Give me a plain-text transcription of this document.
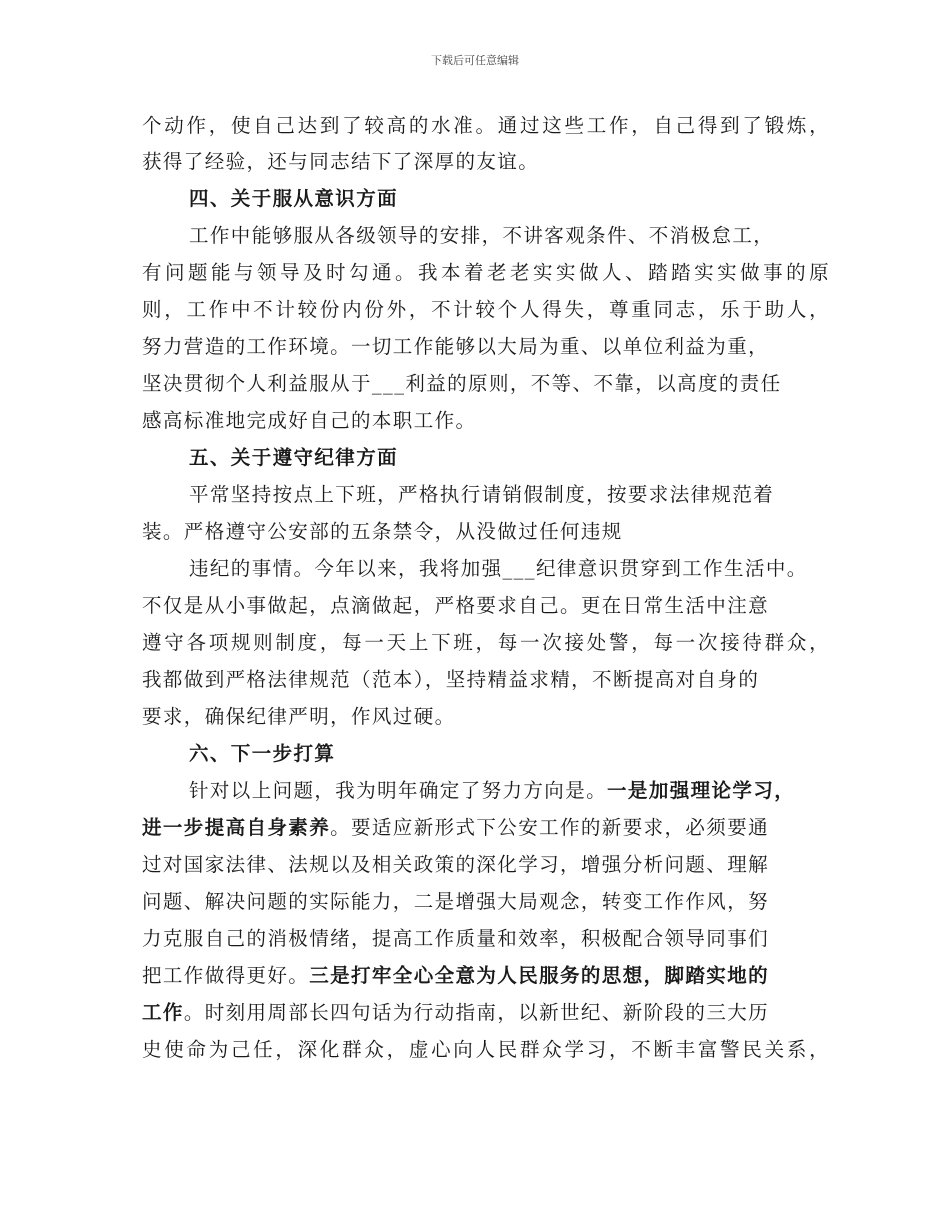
下载后可任意编辑
个动作，使自己达到了较高的水准。通过这些工作，自己得到了锻炼，
获得了经验，还与同志结下了深厚的友谊。
四、关于服从意识方面
工作中能够服从各级领导的安排，不讲客观条件、不消极怠工，
有问题能与领导及时勾通。我本着老老实实做人、踏踏实实做事的原
则，工作中不计较份内份外，不计较个人得失，尊重同志，乐于助人，
努力营造的工作环境。一切工作能够以大局为重、以单位利益为重，
坚决贯彻个人利益服从于___利益的原则，不等、不靠，以高度的责任
感高标准地完成好自己的本职工作。
五、关于遵守纪律方面
平常坚持按点上下班，严格执行请销假制度，按要求法律规范着
装。严格遵守公安部的五条禁令，从没做过任何违规
违纪的事情。今年以来，我将加强___纪律意识贯穿到工作生活中。
不仅是从小事做起，点滴做起，严格要求自己。更在日常生活中注意
遵守各项规则制度，每一天上下班，每一次接处警，每一次接待群众，
我都做到严格法律规范（范本），坚持精益求精，不断提高对自身的
要求，确保纪律严明，作风过硬。
六、下一步打算
针对以上问题，我为明年确定了努力方向是。一是加强理论学习，
进一步提高自身素养。要适应新形式下公安工作的新要求，必须要通
过对国家法律、法规以及相关政策的深化学习，增强分析问题、理解
问题、解决问题的实际能力，二是增强大局观念，转变工作作风，努
力克服自己的消极情绪，提高工作质量和效率，积极配合领导同事们
把工作做得更好。三是打牢全心全意为人民服务的思想，脚踏实地的
工作。时刻用周部长四句话为行动指南，以新世纪、新阶段的三大历
史使命为己任，深化群众，虚心向人民群众学习，不断丰富警民关系，
